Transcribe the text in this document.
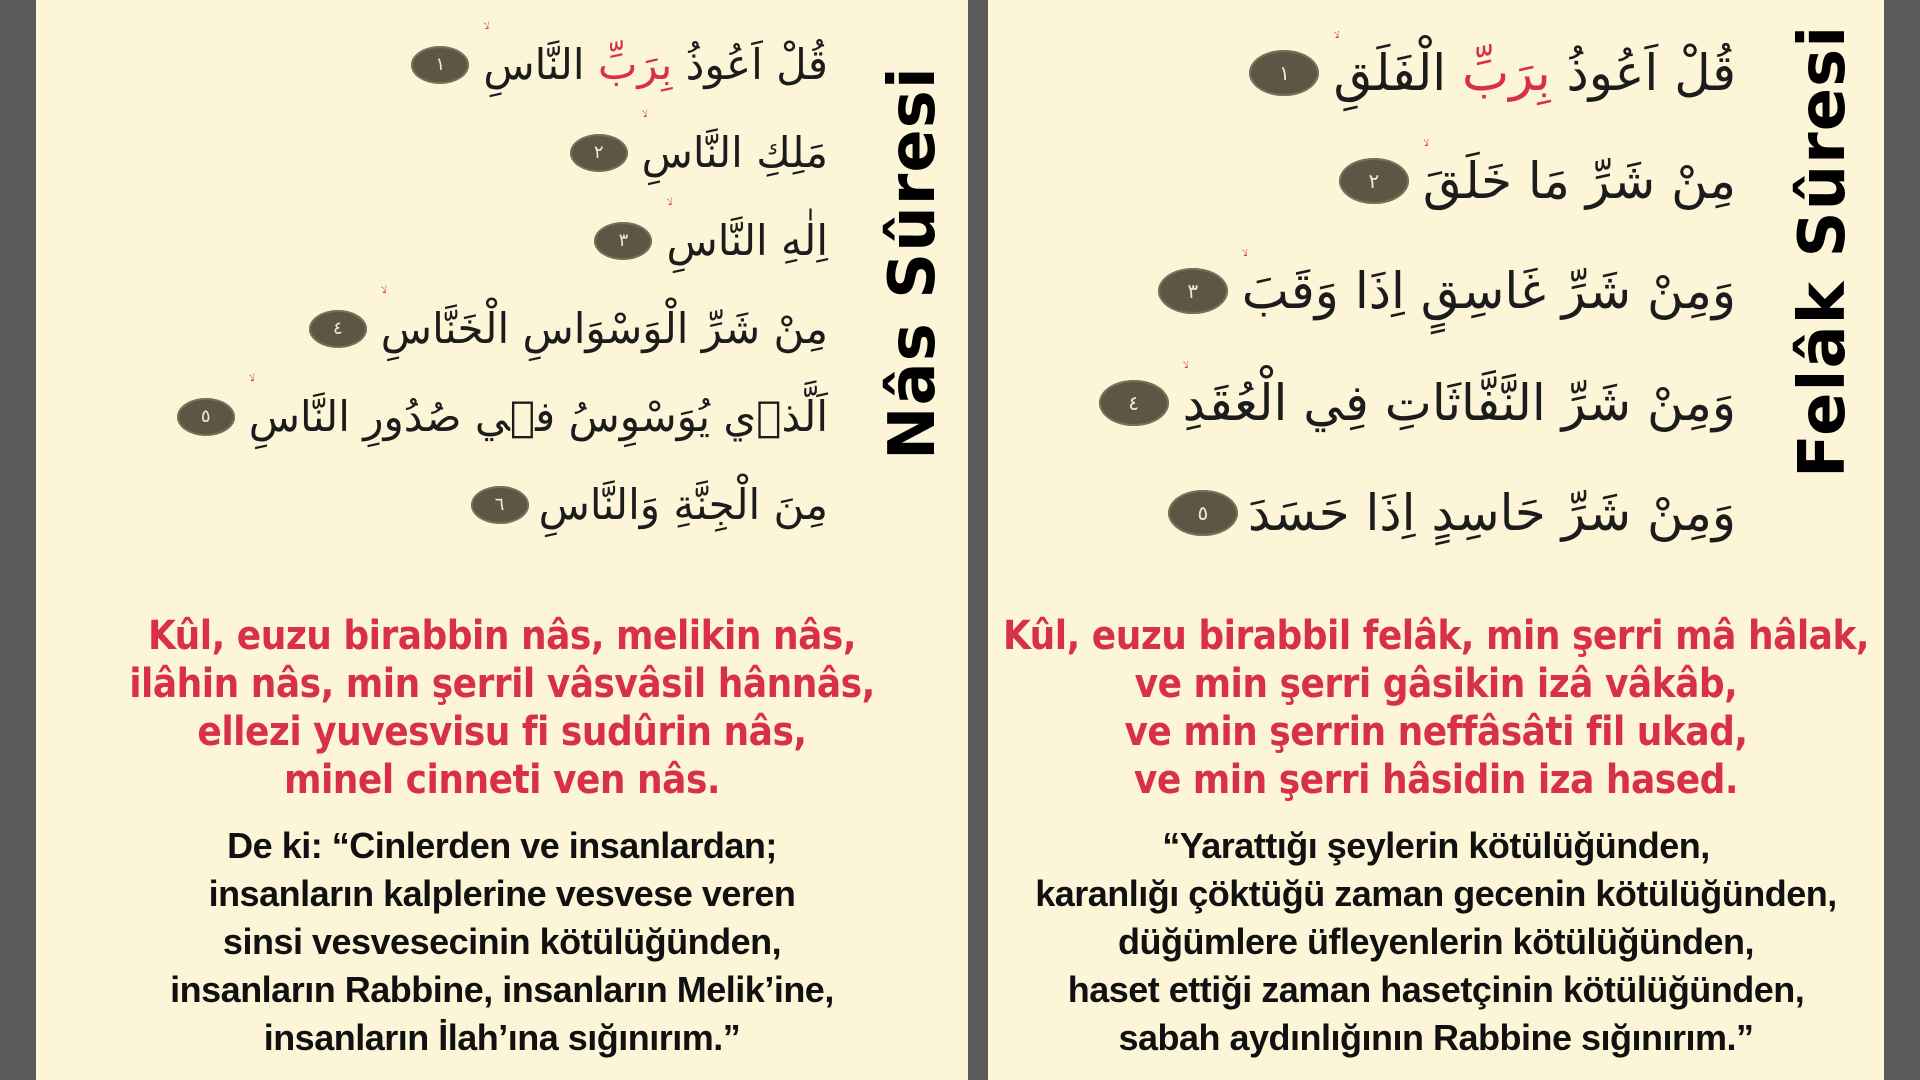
قُلْ اَعُوذُ بِرَبِّ النَّاسِ
١
مَلِكِ النَّاسِ
٢
اِلٰهِ النَّاسِ
٣
مِنْ شَرِّ الْوَسْوَاسِ الْخَنَّاسِ
٤
اَلَّذ۪ي يُوَسْوِسُ ف۪ي صُدُورِ النَّاسِ
٥
مِنَ الْجِنَّةِ وَالنَّاسِ
٦
Nâs Sûresi
Kûl, euzu birabbin nâs, melikin nâs,
ilâhin nâs, min şerril vâsvâsil hânnâs,
ellezi yuvesvisu fi sudûrin nâs,
minel cinneti ven nâs.
De ki: “Cinlerden ve insanlardan;
insanların kalplerine vesvese veren
sinsi vesvesecinin kötülüğünden,
insanların Rabbine, insanların Melik’ine,
insanların İlah’ına sığınırım.”
قُلْ اَعُوذُ بِرَبِّ الْفَلَقِ
١
مِنْ شَرِّ مَا خَلَقَ
٢
وَمِنْ شَرِّ غَاسِقٍ اِذَا وَقَبَ
٣
وَمِنْ شَرِّ النَّفَّاثَاتِ فِي الْعُقَدِ
٤
وَمِنْ شَرِّ حَاسِدٍ اِذَا حَسَدَ
٥
Felâk Sûresi
Kûl, euzu birabbil felâk, min şerri mâ hâlak,
ve min şerri gâsikin izâ vâkâb,
ve min şerrin neffâsâti fil ukad,
ve min şerri hâsidin iza hased.
“Yarattığı şeylerin kötülüğünden,
karanlığı çöktüğü zaman gecenin kötülüğünden,
düğümlere üfleyenlerin kötülüğünden,
haset ettiği zaman hasetçinin kötülüğünden,
sabah aydınlığının Rabbine sığınırım.”
